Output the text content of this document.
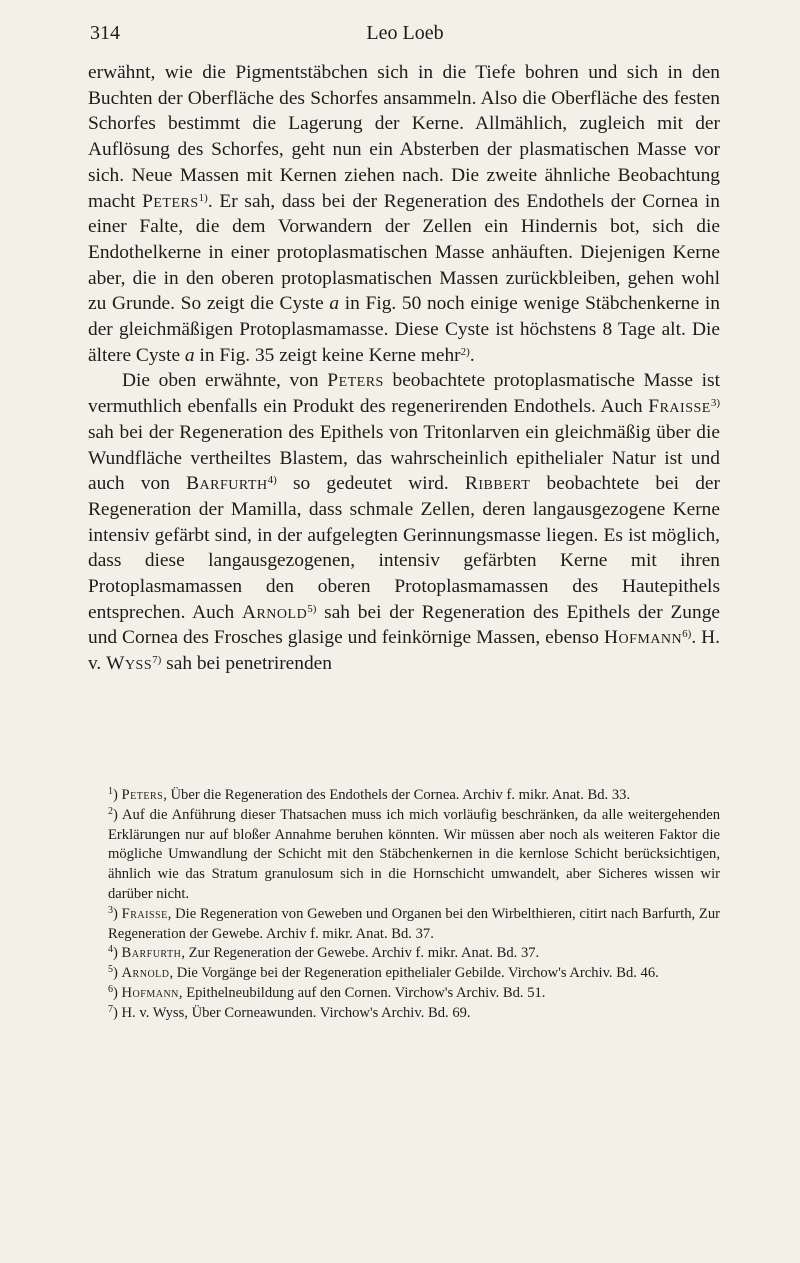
314	Leo Loeb

erwähnt, wie die Pigmentstäbchen sich in die Tiefe bohren und sich in den Buchten der Oberfläche des Schorfes ansammeln. Also die Oberfläche des festen Schorfes bestimmt die Lagerung der Kerne. Allmählich, zugleich mit der Auflösung des Schorfes, geht nun ein Absterben der plasmatischen Masse vor sich. Neue Massen mit Kernen ziehen nach. Die zweite ähnliche Beobachtung macht Peters$^{1)}$. Er sah, dass bei der Regeneration des Endothels der Cornea in einer Falte, die dem Vorwandern der Zellen ein Hindernis bot, sich die Endothelkerne in einer protoplasmatischen Masse anhäuften. Diejenigen Kerne aber, die in den oberen protoplasmatischen Massen zurückbleiben, gehen wohl zu Grunde. So zeigt die Cyste a in Fig. 50 noch einige wenige Stäbchenkerne in der gleichmäßigen Protoplasmamasse. Diese Cyste ist höchstens 8 Tage alt. Die ältere Cyste a in Fig. 35 zeigt keine Kerne mehr$^{2)}$.

Die oben erwähnte, von Peters beobachtete protoplasmatische Masse ist vermuthlich ebenfalls ein Produkt des regenerirenden Endothels. Auch Fraisse$^{3)}$ sah bei der Regeneration des Epithels von Tritonlarven ein gleichmäßig über die Wundfläche vertheiltes Blastem, das wahrscheinlich epithelialer Natur ist und auch von Barfurth$^{4)}$ so gedeutet wird. Ribbert beobachtete bei der Regeneration der Mamilla, dass schmale Zellen, deren langausgezogene Kerne intensiv gefärbt sind, in der aufgelegten Gerinnungsmasse liegen. Es ist möglich, dass diese langausgezogenen, intensiv gefärbten Kerne mit ihren Protoplasmamassen den oberen Protoplasmamassen des Hautepithels entsprechen. Auch Arnold$^{5)}$ sah bei der Regeneration des Epithels der Zunge und Cornea des Frosches glasige und feinkörnige Massen, ebenso Hofmann$^{6)}$. H. v. Wyss$^{7)}$ sah bei penetrirenden

$^1$) Peters, Über die Regeneration des Endothels der Cornea. Archiv f. mikr. Anat. Bd. 33.
$^2$) Auf die Anführung dieser Thatsachen muss ich mich vorläufig beschränken, da alle weitergehenden Erklärungen nur auf bloßer Annahme beruhen könnten. Wir müssen aber noch als weiteren Faktor die mögliche Umwandlung der Schicht mit den Stäbchenkernen in die kernlose Schicht berücksichtigen, ähnlich wie das Stratum granulosum sich in die Hornschicht umwandelt, aber Sicheres wissen wir darüber nicht.
$^3$) Fraisse, Die Regeneration von Geweben und Organen bei den Wirbelthieren, citirt nach Barfurth, Zur Regeneration der Gewebe. Archiv f. mikr. Anat. Bd. 37.
$^4$) Barfurth, Zur Regeneration der Gewebe. Archiv f. mikr. Anat. Bd. 37.
$^5$) Arnold, Die Vorgänge bei der Regeneration epithelialer Gebilde. Virchow's Archiv. Bd. 46.
$^6$) Hofmann, Epithelneubildung auf den Cornen. Virchow's Archiv. Bd. 51.
$^7$) H. v. Wyss, Über Corneawunden. Virchow's Archiv. Bd. 69.
